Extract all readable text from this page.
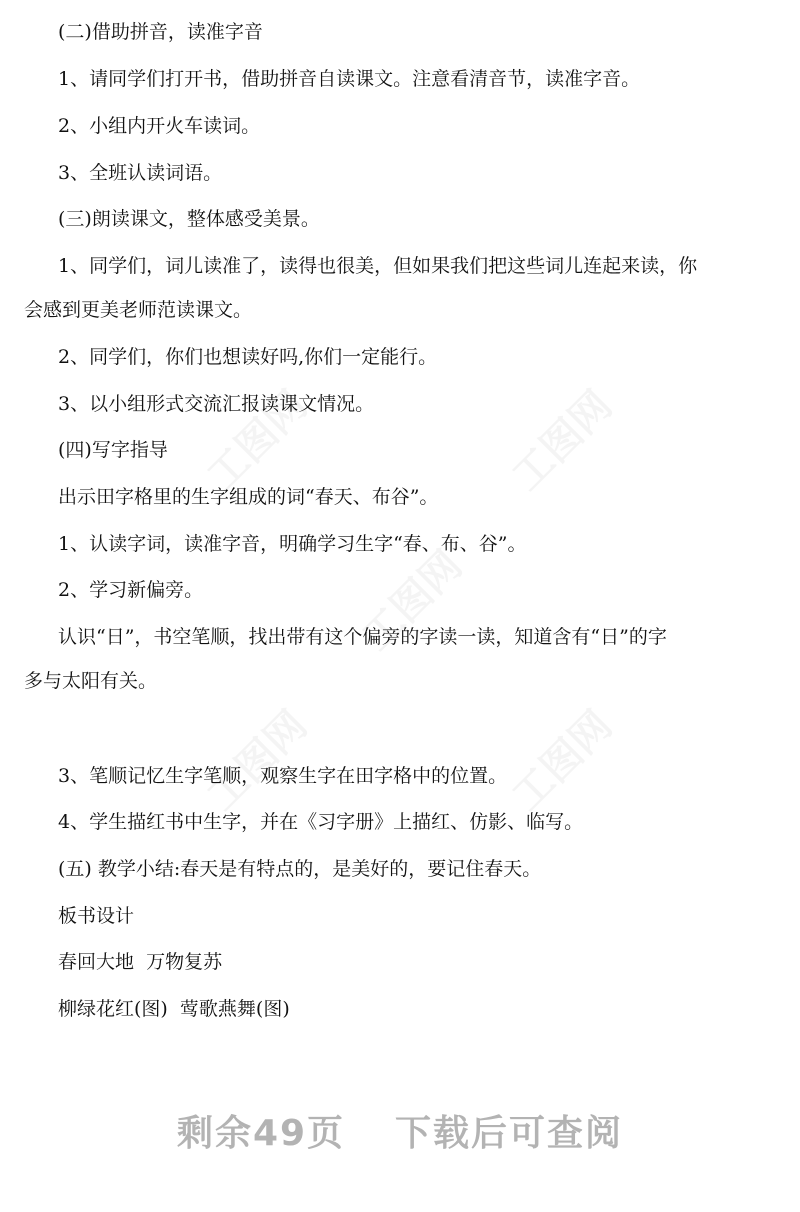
(二)借助拼音，读准字音
1、请同学们打开书，借助拼音自读课文。注意看清音节，读准字音。
2、小组内开火车读词。
3、全班认读词语。
(三)朗读课文，整体感受美景。
1、同学们，词儿读准了，读得也很美，但如果我们把这些词儿连起来读，你
会感到更美老师范读课文。
2、同学们，你们也想读好吗,你们一定能行。
3、以小组形式交流汇报读课文情况。
(四)写字指导
出示田字格里的生字组成的词“春天、布谷”。
1、认读字词，读准字音，明确学习生字“春、布、谷”。
2、学习新偏旁。
认识“日”，书空笔顺，找出带有这个偏旁的字读一读，知道含有“日”的字
多与太阳有关。
3、笔顺记忆生字笔顺，观察生字在田字格中的位置。
4、学生描红书中生字，并在《习字册》上描红、仿影、临写。
(五) 教学小结:春天是有特点的，是美好的，要记住春天。
板书设计
春回大地  万物复苏
柳绿花红(图)  莺歌燕舞(图)
剩余49页 下载后可查阅
